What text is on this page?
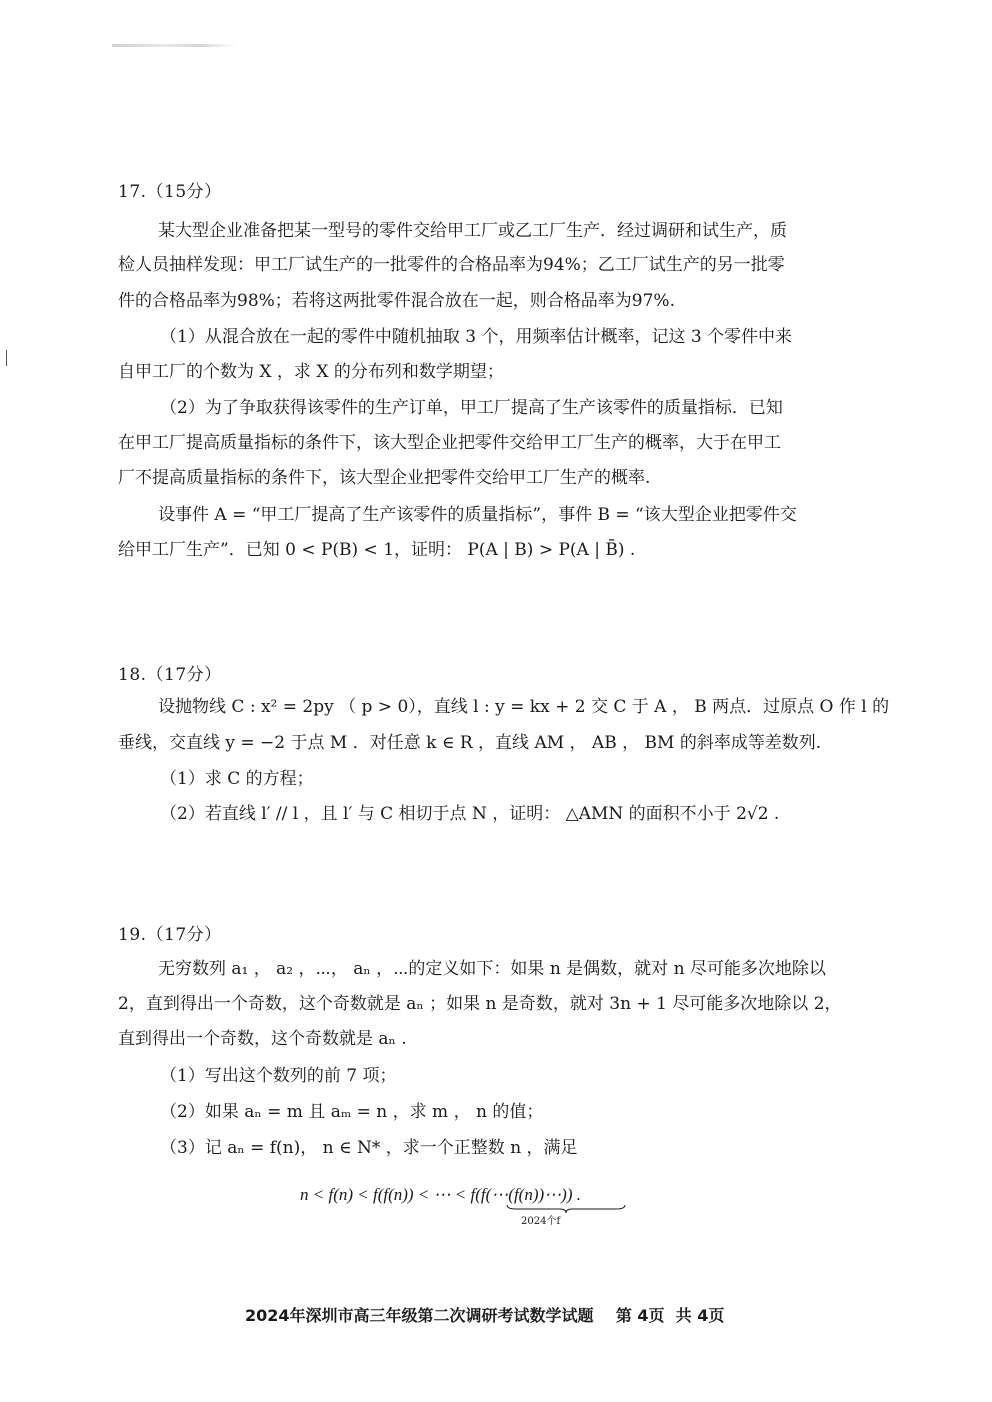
17.（15分）
某大型企业准备把某一型号的零件交给甲工厂或乙工厂生产．经过调研和试生产，质
检人员抽样发现：甲工厂试生产的一批零件的合格品率为94%；乙工厂试生产的另一批零
件的合格品率为98%；若将这两批零件混合放在一起，则合格品率为97%.
（1）从混合放在一起的零件中随机抽取 3 个，用频率估计概率，记这 3 个零件中来
自甲工厂的个数为 X ，求 X 的分布列和数学期望；
（2）为了争取获得该零件的生产订单，甲工厂提高了生产该零件的质量指标．已知
在甲工厂提高质量指标的条件下，该大型企业把零件交给甲工厂生产的概率，大于在甲工
厂不提高质量指标的条件下，该大型企业把零件交给甲工厂生产的概率.
设事件 A = “甲工厂提高了生产该零件的质量指标”，事件 B = “该大型企业把零件交
给甲工厂生产”．已知 0 < P(B) < 1，证明： P(A | B) > P(A | B̄) .
18.（17分）
设抛物线 C : x² = 2py （ p > 0），直线 l : y = kx + 2 交 C 于 A ， B 两点．过原点 O 作 l 的
垂线，交直线 y = −2 于点 M ．对任意 k ∈ R ，直线 AM ， AB ， BM 的斜率成等差数列.
（1）求 C 的方程；
（2）若直线 l′ // l ，且 l′ 与 C 相切于点 N ，证明： △AMN 的面积不小于 2√2 .
19.（17分）
无穷数列 a₁ ， a₂ ，⋯， aₙ ，⋯的定义如下：如果 n 是偶数，就对 n 尽可能多次地除以
2，直到得出一个奇数，这个奇数就是 aₙ ；如果 n 是奇数，就对 3n + 1 尽可能多次地除以 2，
直到得出一个奇数，这个奇数就是 aₙ .
（1）写出这个数列的前 7 项；
（2）如果 aₙ = m 且 aₘ = n ，求 m ， n 的值；
（3）记 aₙ = f(n)， n ∈ N* ，求一个正整数 n ，满足
n < f(n) < f(f(n)) < ⋯ < f(f(⋯(f(n))⋯)) .
2024个f
2024年深圳市高三年级第二次调研考试数学试题    第 4页  共 4页
